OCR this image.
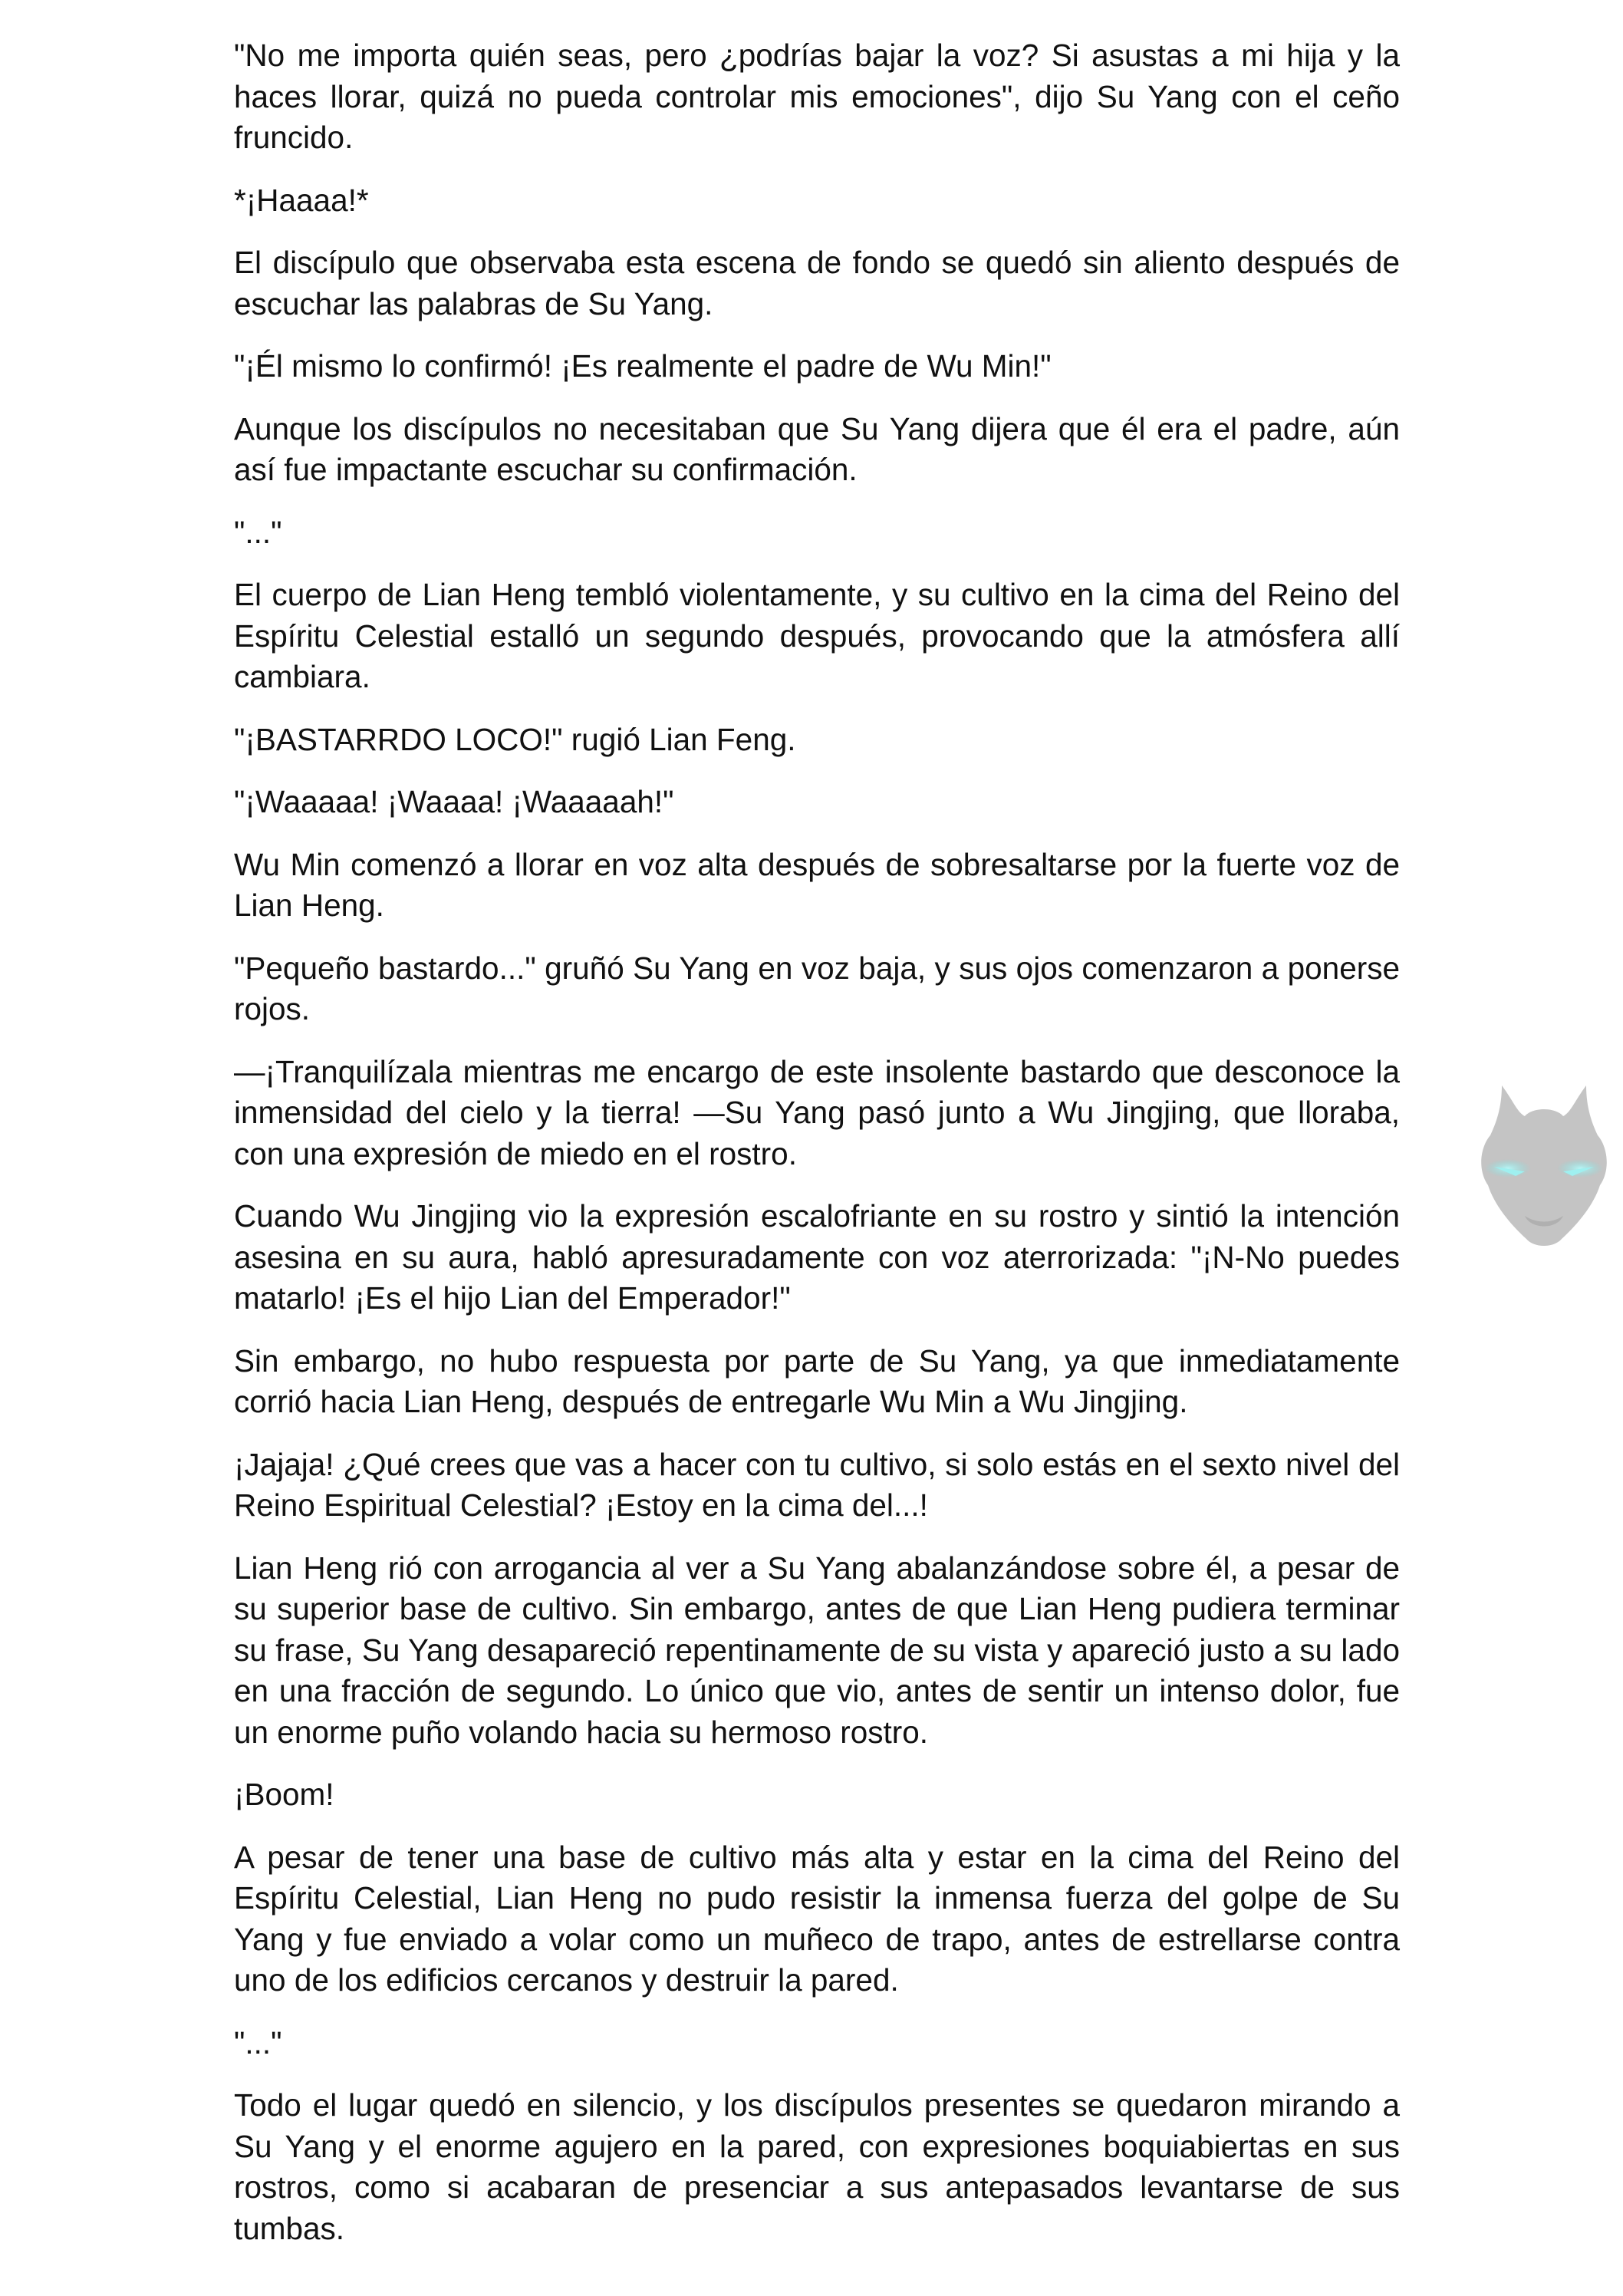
"No me importa quién seas, pero ¿podrías bajar la voz? Si asustas a mi hija y la haces llorar, quizá no pueda controlar mis emociones", dijo Su Yang con el ceño fruncido.

*¡Haaaa!*

El discípulo que observaba esta escena de fondo se quedó sin aliento después de escuchar las palabras de Su Yang.

"¡Él mismo lo confirmó! ¡Es realmente el padre de Wu Min!"

Aunque los discípulos no necesitaban que Su Yang dijera que él era el padre, aún así fue impactante escuchar su confirmación.

"..."

El cuerpo de Lian Heng tembló violentamente, y su cultivo en la cima del Reino del Espíritu Celestial estalló un segundo después, provocando que la atmósfera allí cambiara.

"¡BASTARRDO LOCO!" rugió Lian Feng.

"¡Waaaaa! ¡Waaaa! ¡Waaaaah!"

Wu Min comenzó a llorar en voz alta después de sobresaltarse por la fuerte voz de Lian Heng.

"Pequeño bastardo..." gruñó Su Yang en voz baja, y sus ojos comenzaron a ponerse rojos.

—¡Tranquilízala mientras me encargo de este insolente bastardo que desconoce la inmensidad del cielo y la tierra! —Su Yang pasó junto a Wu Jingjing, que lloraba, con una expresión de miedo en el rostro.

Cuando Wu Jingjing vio la expresión escalofriante en su rostro y sintió la intención asesina en su aura, habló apresuradamente con voz aterrorizada: "¡N-No puedes matarlo! ¡Es el hijo Lian del Emperador!"

Sin embargo, no hubo respuesta por parte de Su Yang, ya que inmediatamente corrió hacia Lian Heng, después de entregarle Wu Min a Wu Jingjing.

¡Jajaja! ¿Qué crees que vas a hacer con tu cultivo, si solo estás en el sexto nivel del Reino Espiritual Celestial? ¡Estoy en la cima del...!

Lian Heng rió con arrogancia al ver a Su Yang abalanzándose sobre él, a pesar de su superior base de cultivo. Sin embargo, antes de que Lian Heng pudiera terminar su frase, Su Yang desapareció repentinamente de su vista y apareció justo a su lado en una fracción de segundo. Lo único que vio, antes de sentir un intenso dolor, fue un enorme puño volando hacia su hermoso rostro.

¡Boom!

A pesar de tener una base de cultivo más alta y estar en la cima del Reino del Espíritu Celestial, Lian Heng no pudo resistir la inmensa fuerza del golpe de Su Yang y fue enviado a volar como un muñeco de trapo, antes de estrellarse contra uno de los edificios cercanos y destruir la pared.

"..."

Todo el lugar quedó en silencio, y los discípulos presentes se quedaron mirando a Su Yang y el enorme agujero en la pared, con expresiones boquiabiertas en sus rostros, como si acabaran de presenciar a sus antepasados levantarse de sus tumbas.
